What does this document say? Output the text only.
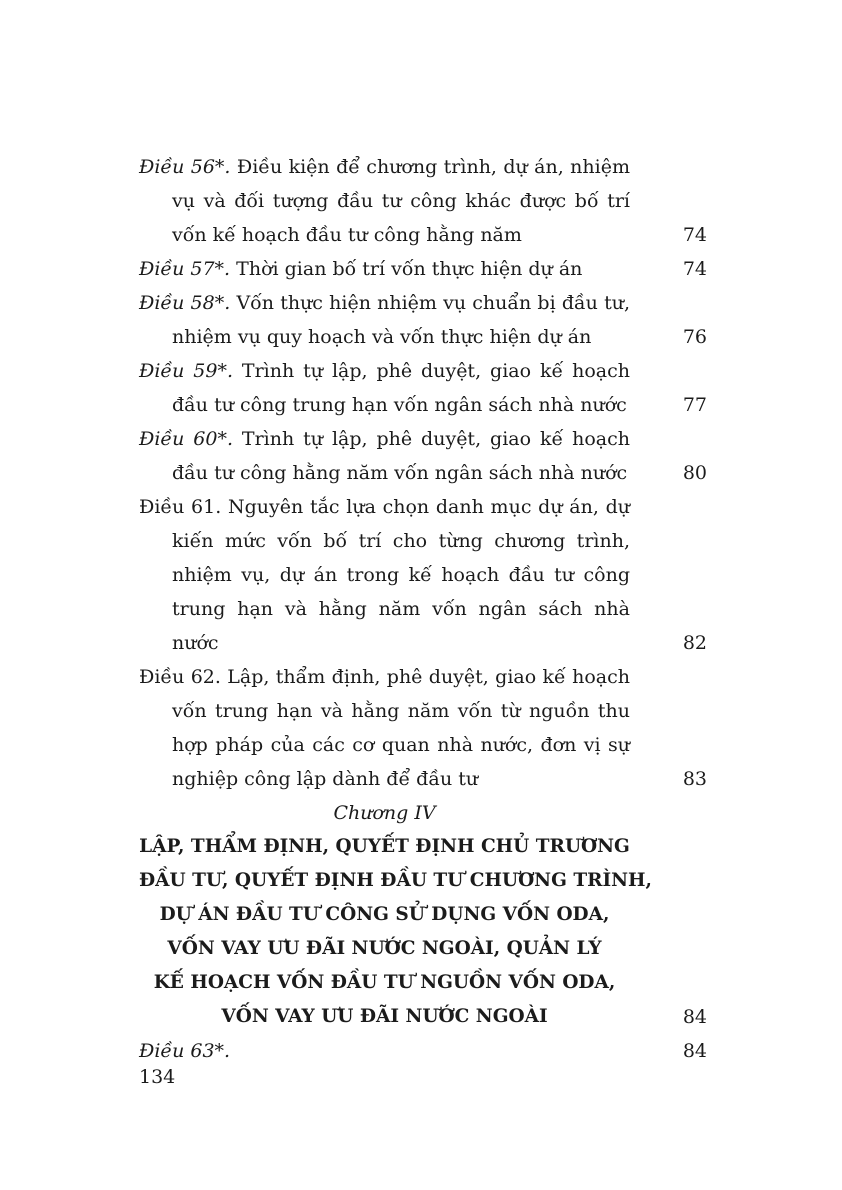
Điều 56*. Điều kiện để chương trình, dự án, nhiệm vụ và đối tượng đầu tư công khác được bố trí vốn kế hoạch đầu tư công hằng năm	74
Điều 57*. Thời gian bố trí vốn thực hiện dự án	74
Điều 58*. Vốn thực hiện nhiệm vụ chuẩn bị đầu tư, nhiệm vụ quy hoạch và vốn thực hiện dự án	76
Điều 59*. Trình tự lập, phê duyệt, giao kế hoạch đầu tư công trung hạn vốn ngân sách nhà nước	77
Điều 60*. Trình tự lập, phê duyệt, giao kế hoạch đầu tư công hằng năm vốn ngân sách nhà nước	80
Điều 61. Nguyên tắc lựa chọn danh mục dự án, dự kiến mức vốn bố trí cho từng chương trình, nhiệm vụ, dự án trong kế hoạch đầu tư công trung hạn và hằng năm vốn ngân sách nhà nước	82
Điều 62. Lập, thẩm định, phê duyệt, giao kế hoạch vốn trung hạn và hằng năm vốn từ nguồn thu hợp pháp của các cơ quan nhà nước, đơn vị sự nghiệp công lập dành để đầu tư	83
Chương IV
LẬP, THẨM ĐỊNH, QUYẾT ĐỊNH CHỦ TRƯƠNG
ĐẦU TƯ, QUYẾT ĐỊNH ĐẦU TƯ CHƯƠNG TRÌNH,
DỰ ÁN ĐẦU TƯ CÔNG SỬ DỤNG VỐN ODA,
VỐN VAY ƯU ĐÃI NƯỚC NGOÀI, QUẢN LÝ
KẾ HOẠCH VỐN ĐẦU TƯ NGUỒN VỐN ODA,
VỐN VAY ƯU ĐÃI NƯỚC NGOÀI	84
Điều 63*.	84
134
